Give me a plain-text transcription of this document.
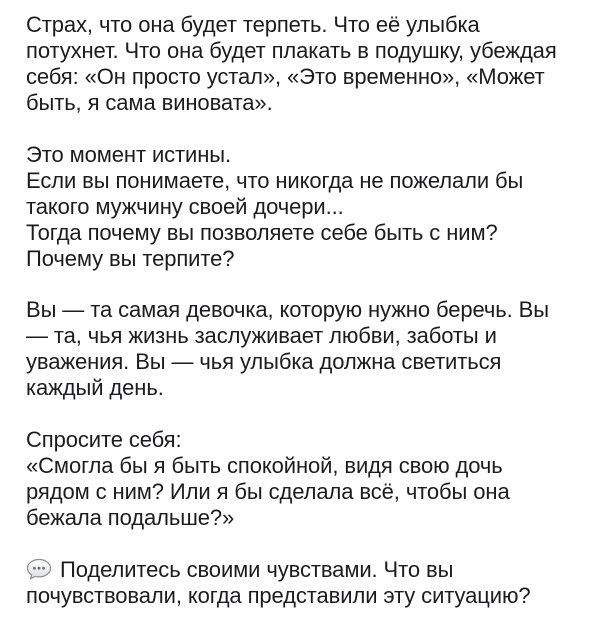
Страх, что она будет терпеть. Что её улыбка
потухнет. Что она будет плакать в подушку, убеждая
себя: «Он просто устал», «Это временно», «Может
быть, я сама виновата».
Это момент истины.
Если вы понимаете, что никогда не пожелали бы
такого мужчину своей дочери...
Тогда почему вы позволяете себе быть с ним?
Почему вы терпите?
Вы — та самая девочка, которую нужно беречь. Вы
— та, чья жизнь заслуживает любви, заботы и
уважения. Вы — чья улыбка должна светиться
каждый день.
Спросите себя:
«Смогла бы я быть спокойной, видя свою дочь
рядом с ним? Или я бы сделала всё, чтобы она
бежала подальше?»
Поделитесь своими чувствами. Что вы
почувствовали, когда представили эту ситуацию?
